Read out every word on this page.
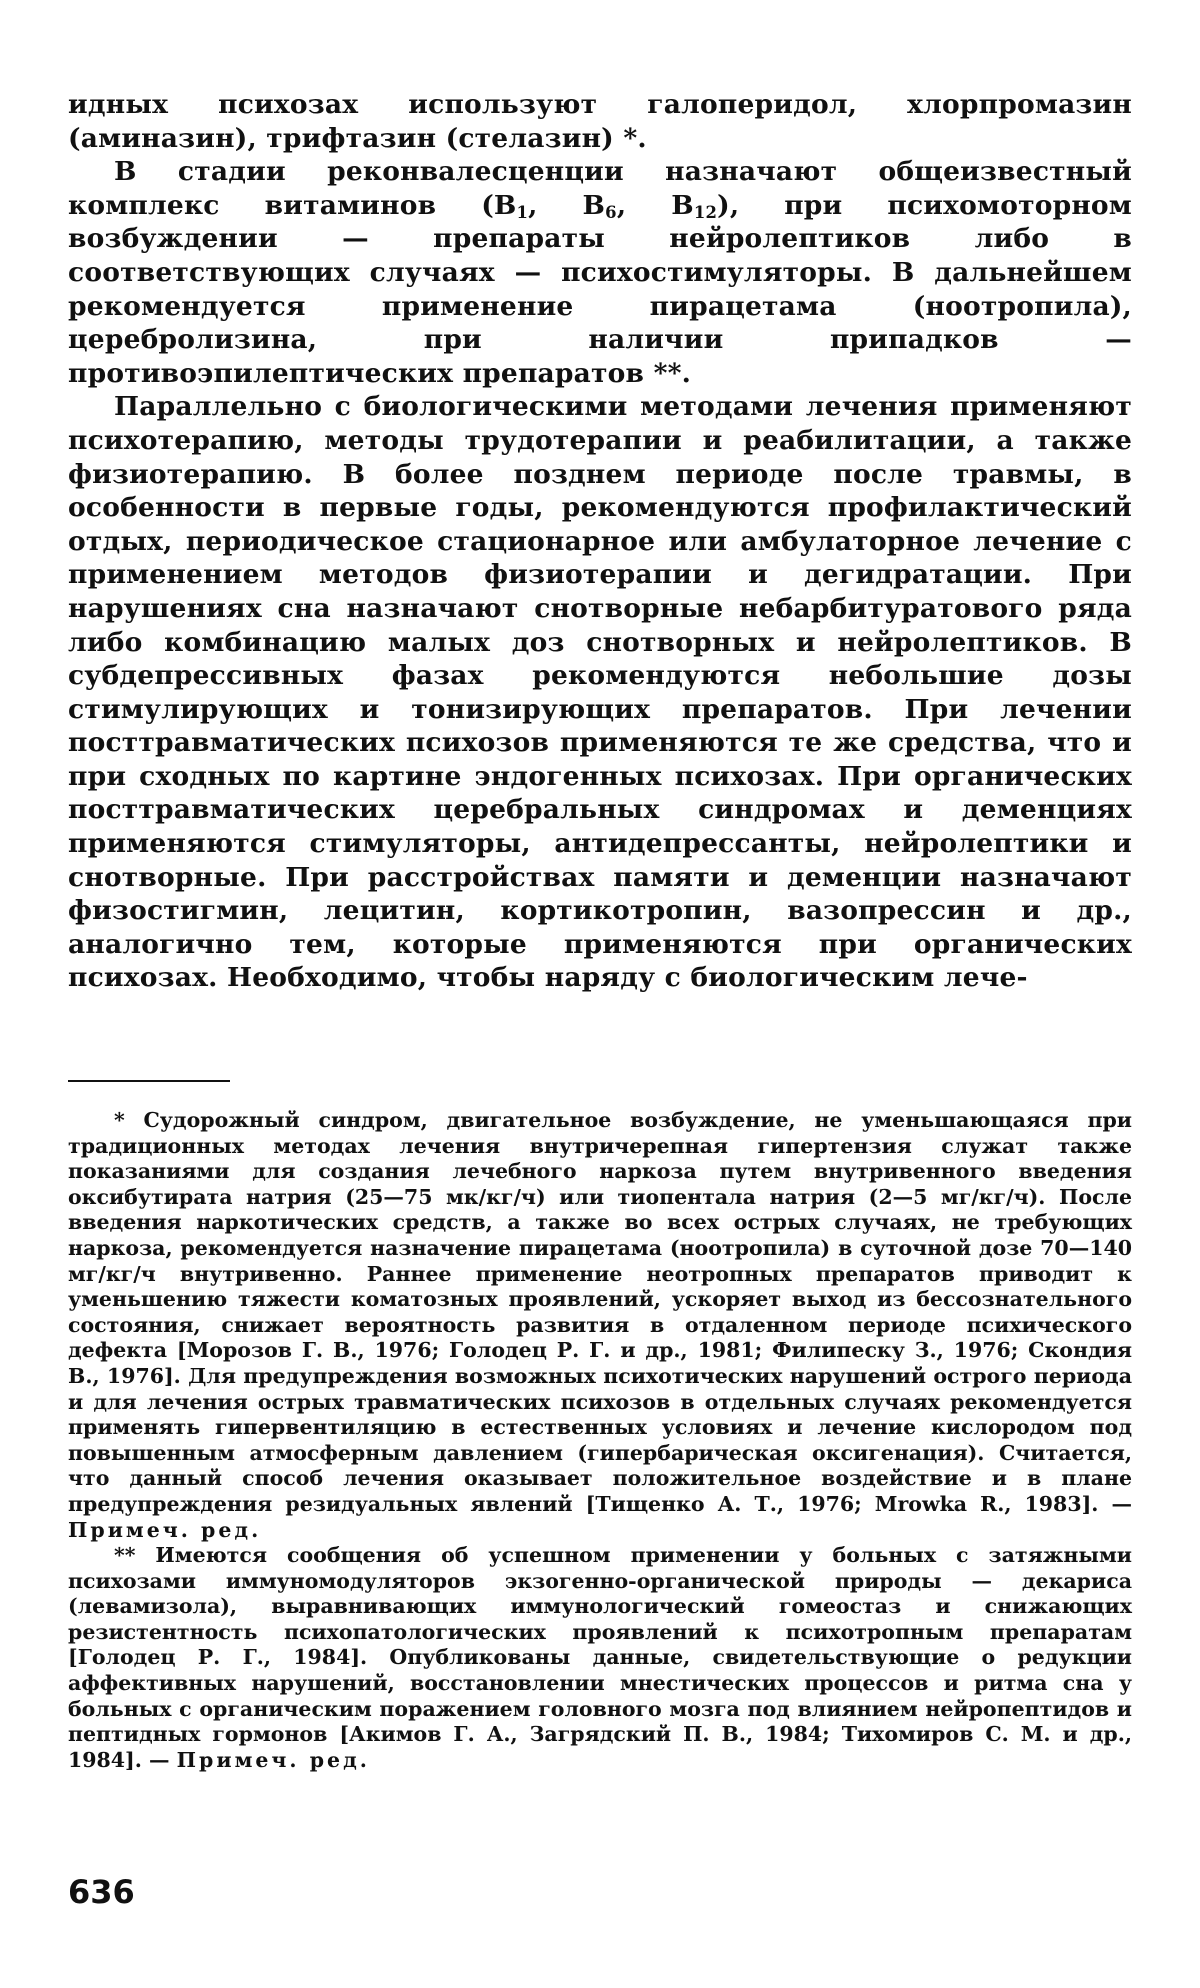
идных психозах используют галоперидол, хлорпромазин (аминазин), трифтазин (стелазин) *.

В стадии реконвалесценции назначают общеизвестный комплекс витаминов ($B_1$, $B_6$, $B_{12}$), при психомоторном возбуждении — препараты нейролептиков либо в соответствующих случаях — психостимуляторы. В дальнейшем рекомендуется применение пирацетама (ноотропила), церебролизина, при наличии припадков — противоэпилептических препаратов **.

Параллельно с биологическими методами лечения применяют психотерапию, методы трудотерапии и реабилитации, а также физиотерапию. В более позднем периоде после травмы, в особенности в первые годы, рекомендуются профилактический отдых, периодическое стационарное или амбулаторное лечение с применением методов физиотерапии и дегидратации. При нарушениях сна назначают снотворные небарбитуратового ряда либо комбинацию малых доз снотворных и нейролептиков. В субдепрессивных фазах рекомендуются небольшие дозы стимулирующих и тонизирующих препаратов. При лечении посттравматических психозов применяются те же средства, что и при сходных по картине эндогенных психозах. При органических посттравматических церебральных синдромах и деменциях применяются стимуляторы, антидепрессанты, нейролептики и снотворные. При расстройствах памяти и деменции назначают физостигмин, лецитин, кортикотропин, вазопрессин и др., аналогично тем, которые применяются при органических психозах. Необходимо, чтобы наряду с биологическим лече-

* Судорожный синдром, двигательное возбуждение, не уменьшающаяся при традиционных методах лечения внутричерепная гипертензия служат также показаниями для создания лечебного наркоза путем внутривенного введения оксибутирата натрия (25—75 мк/кг/ч) или тиопентала натрия (2—5 мг/кг/ч). После введения наркотических средств, а также во всех острых случаях, не требующих наркоза, рекомендуется назначение пирацетама (ноотропила) в суточной дозе 70—140 мг/кг/ч внутривенно. Раннее применение неотропных препаратов приводит к уменьшению тяжести коматозных проявлений, ускоряет выход из бессознательного состояния, снижает вероятность развития в отдаленном периоде психического дефекта [Морозов Г. В., 1976; Голодец Р. Г. и др., 1981; Филипеску З., 1976; Скондия В., 1976]. Для предупреждения возможных психотических нарушений острого периода и для лечения острых травматических психозов в отдельных случаях рекомендуется применять гипервентиляцию в естественных условиях и лечение кислородом под повышенным атмосферным давлением (гипербарическая оксигенация). Считается, что данный способ лечения оказывает положительное воздействие и в плане предупреждения резидуальных явлений [Тищенко А. Т., 1976; Mrowka R., 1983]. — Примеч. ред.

** Имеются сообщения об успешном применении у больных с затяжными психозами иммуномодуляторов экзогенно-органической природы — декариса (левамизола), выравнивающих иммунологический гомеостаз и снижающих резистентность психопатологических проявлений к психотропным препаратам [Голодец Р. Г., 1984]. Опубликованы данные, свидетельствующие о редукции аффективных нарушений, восстановлении мнестических процессов и ритма сна у больных с органическим поражением головного мозга под влиянием нейропептидов и пептидных гормонов [Акимов Г. А., Загрядский П. В., 1984; Тихомиров С. М. и др., 1984]. — Примеч. ред.

636
